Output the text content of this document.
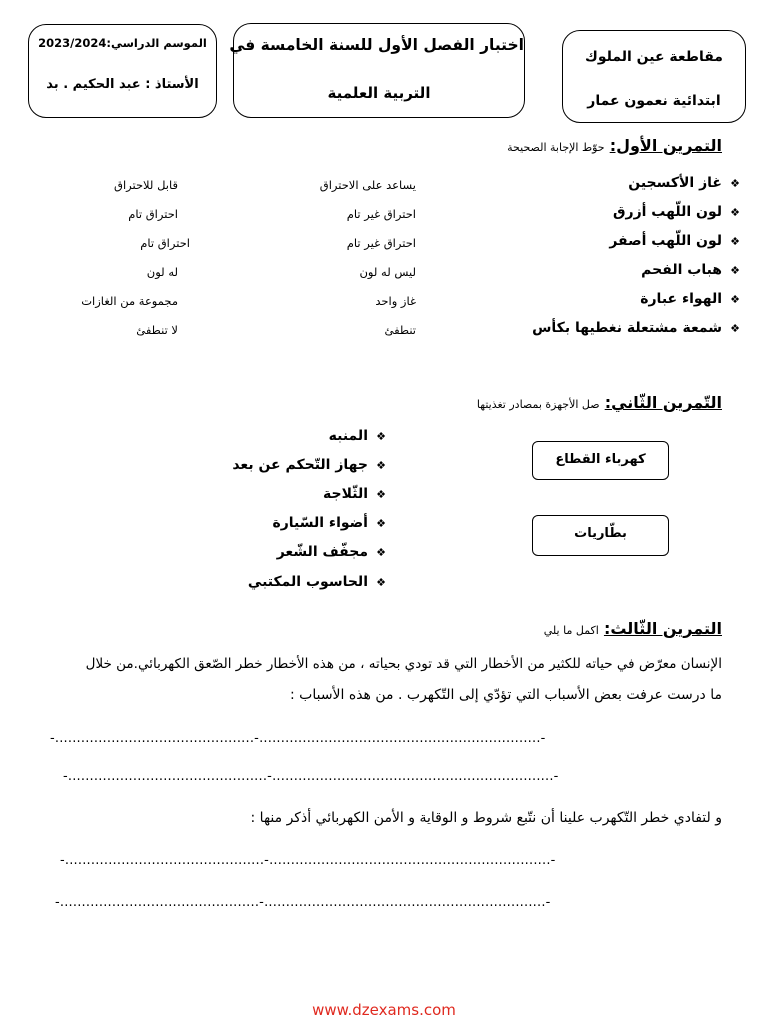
الموسم الدراسي:2023/2024
الأستاذ : عبد الحكيم . بد
اختبار الفصل الأول للسنة الخامسة في
التربية العلمية
مقاطعة عين الملوك
ابتدائية نعمون عمار
التمرين الأول: حوّط الإجابة الصحيحة
❖غاز الأكسجين
يساعد على الاحتراق
قابل للاحتراق
❖لون اللّهب أزرق
احتراق غير تام
احتراق تام
❖لون اللّهب أصفر
احتراق غير تام
احتراق تام
❖هباب الفحم
ليس له لون
له لون
❖الهواء عبارة
غاز واحد
مجموعة من الغازات
❖شمعة مشتعلة نغطيها بكأس
تنطفئ
لا تنطفئ
التّمرين الثّاني: صل الأجهزة بمصادر تغذيتها
❖المنبه
❖جهاز التّحكم عن بعد
❖الثّلاجة
❖أضواء السّيارة
❖مجفّف الشّعر
❖الحاسوب المكتبي
كهرباء القطاع
بطّاريات
التمرين الثّالث: اكمل ما يلي
الإنسان معرّض في حياته للكثير من الأخطار التي قد تودي بحياته ، من هذه الأخطار خطر الصّعق الكهربائي.من خلال
ما درست عرفت بعض الأسباب التي تؤدّي إلى التّكهرب . من هذه الأسباب :
-..............................................-.................................................................-
-..............................................-.................................................................-
و لتفادي خطر التّكهرب علينا أن نتّبع شروط و الوقاية و الأمن الكهربائي أذكر منها :
-..............................................-.................................................................-
-..............................................-.................................................................-
www.dzexams.com
